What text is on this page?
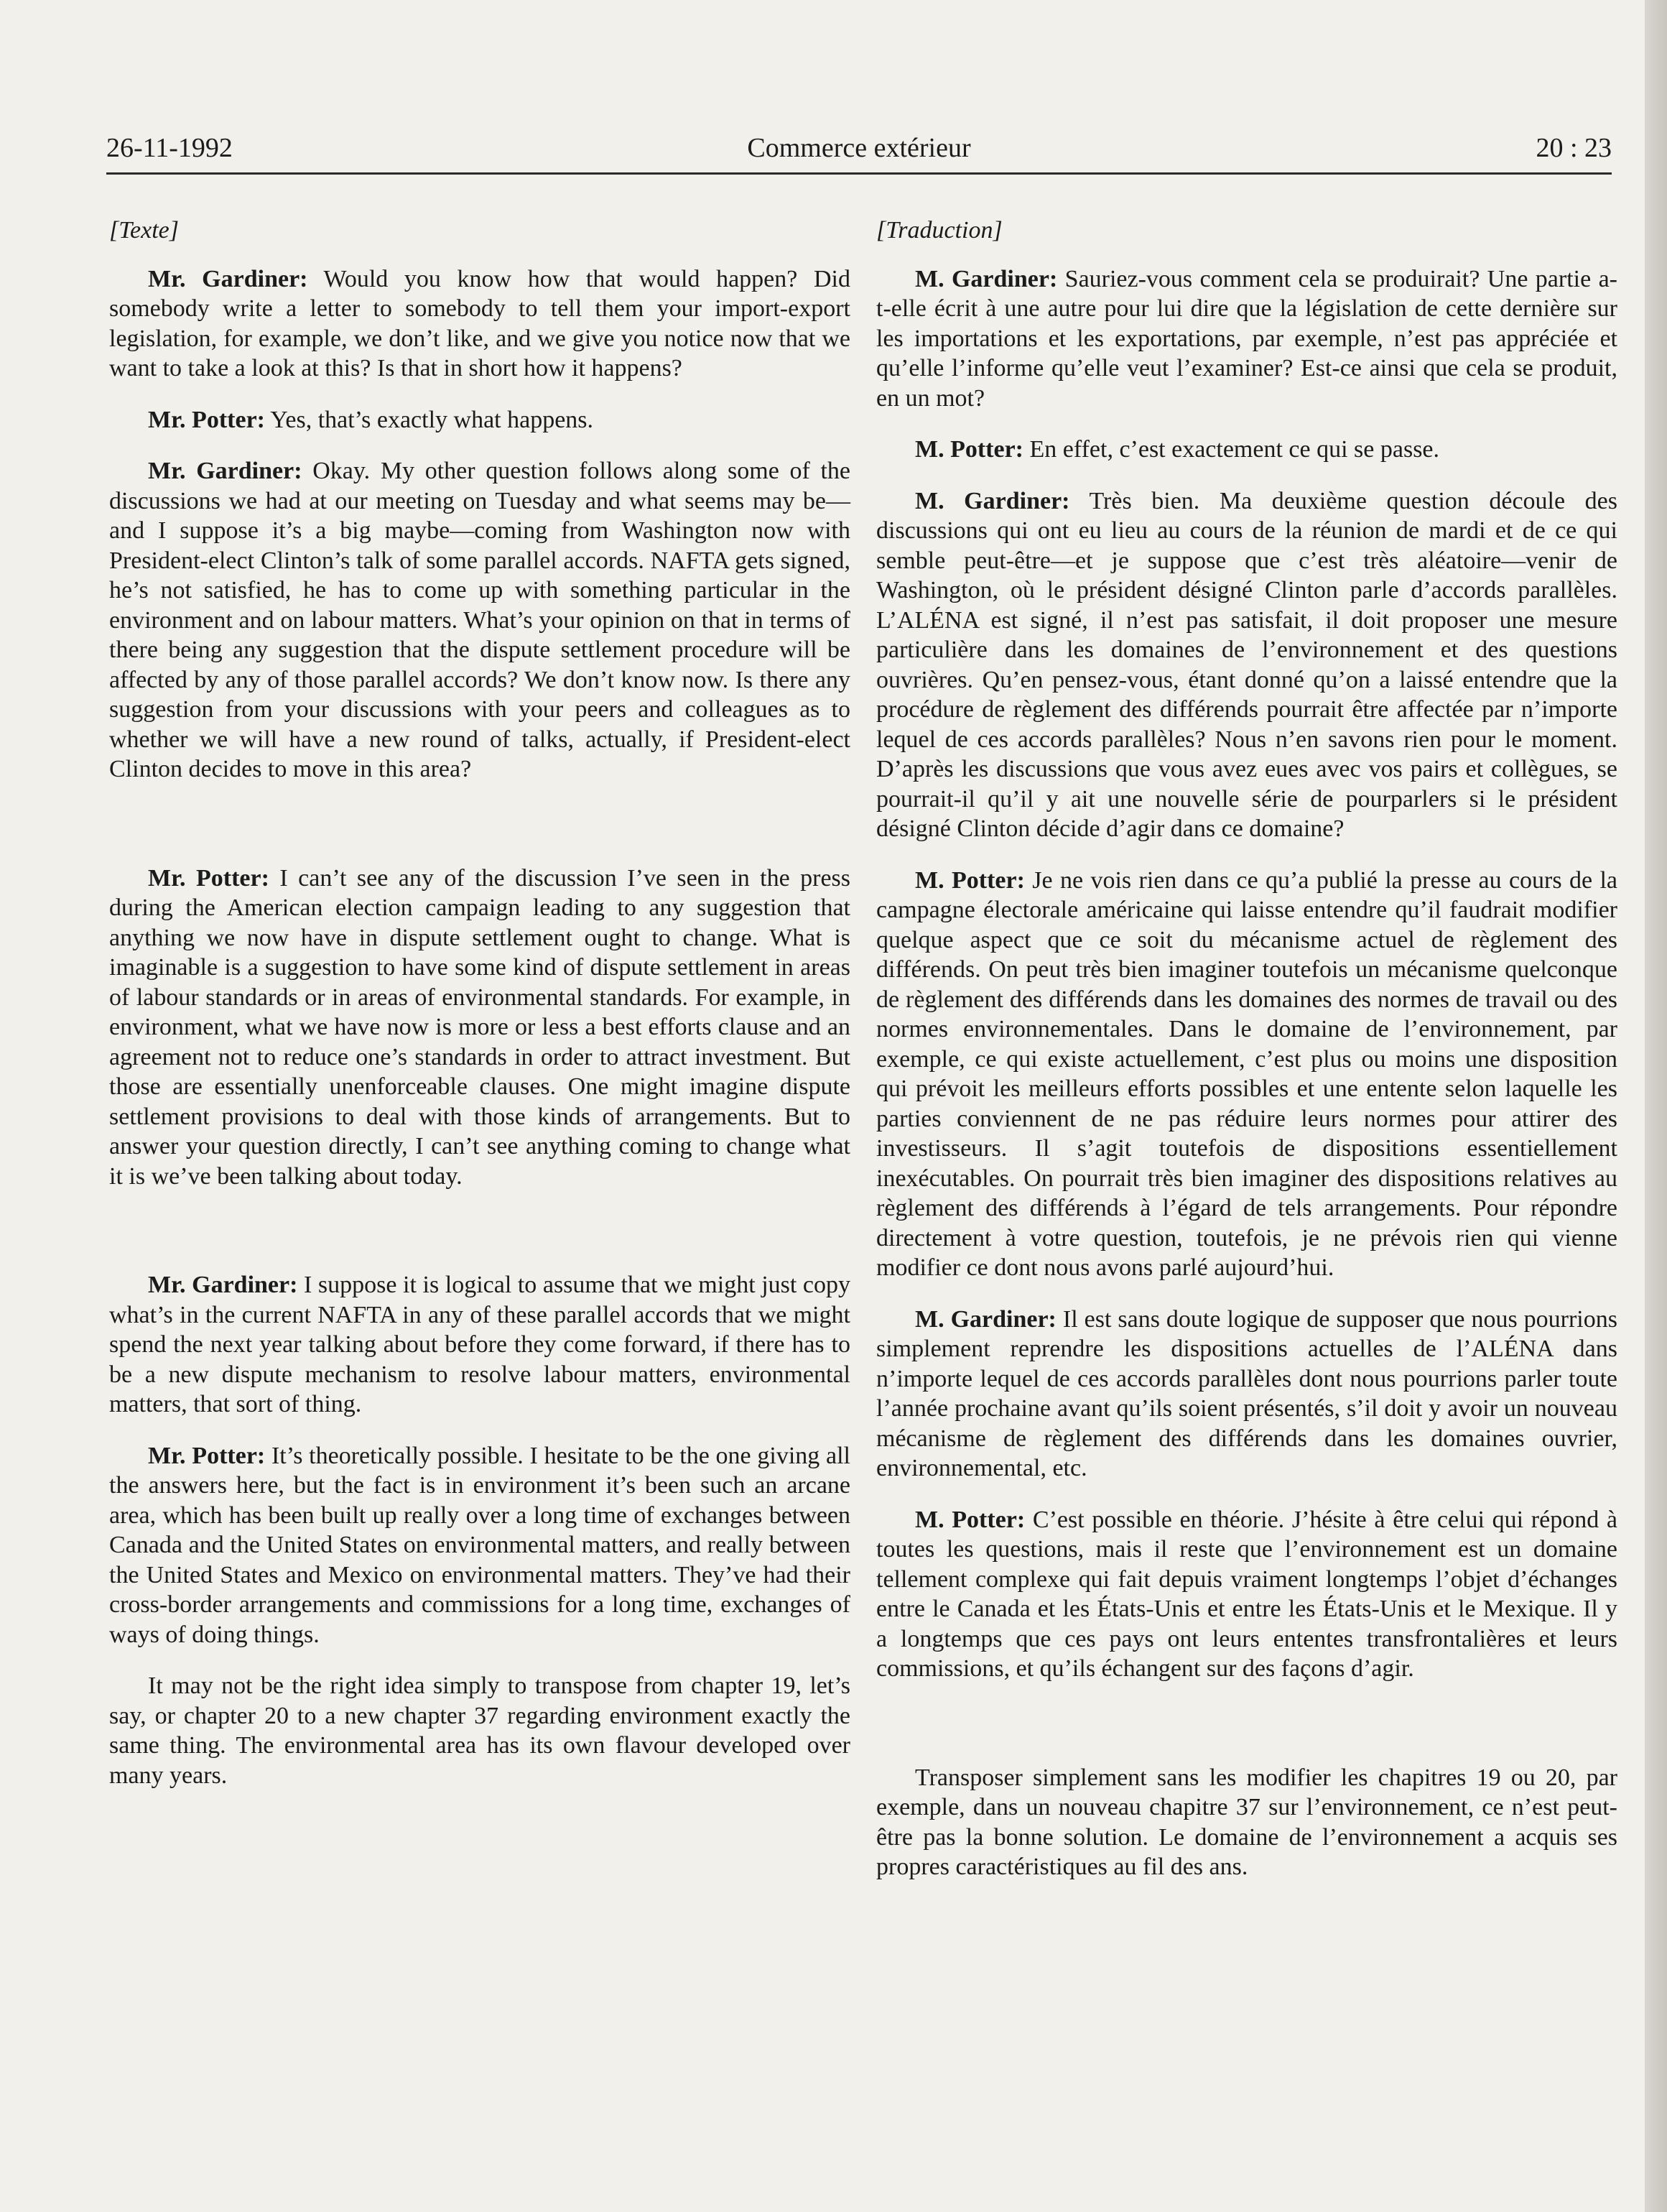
26-11-1992	Commerce extérieur	20 : 23

[Texte]

Mr. Gardiner: Would you know how that would happen? Did somebody write a letter to somebody to tell them your import-export legislation, for example, we don’t like, and we give you notice now that we want to take a look at this? Is that in short how it happens?

Mr. Potter: Yes, that’s exactly what happens.

Mr. Gardiner: Okay. My other question follows along some of the discussions we had at our meeting on Tuesday and what seems may be—and I suppose it’s a big maybe—coming from Washington now with President-elect Clinton’s talk of some parallel accords. NAFTA gets signed, he’s not satisfied, he has to come up with something particular in the environment and on labour matters. What’s your opinion on that in terms of there being any suggestion that the dispute settlement procedure will be affected by any of those parallel accords? We don’t know now. Is there any suggestion from your discussions with your peers and colleagues as to whether we will have a new round of talks, actually, if President-elect Clinton decides to move in this area?

Mr. Potter: I can’t see any of the discussion I’ve seen in the press during the American election campaign leading to any suggestion that anything we now have in dispute settlement ought to change. What is imaginable is a suggestion to have some kind of dispute settlement in areas of labour standards or in areas of environmental standards. For example, in environment, what we have now is more or less a best efforts clause and an agreement not to reduce one’s standards in order to attract investment. But those are essentially unenforceable clauses. One might imagine dispute settlement provisions to deal with those kinds of arrangements. But to answer your question directly, I can’t see anything coming to change what it is we’ve been talking about today.

Mr. Gardiner: I suppose it is logical to assume that we might just copy what’s in the current NAFTA in any of these parallel accords that we might spend the next year talking about before they come forward, if there has to be a new dispute mechanism to resolve labour matters, environmental matters, that sort of thing.

Mr. Potter: It’s theoretically possible. I hesitate to be the one giving all the answers here, but the fact is in environment it’s been such an arcane area, which has been built up really over a long time of exchanges between Canada and the United States on environmental matters, and really between the United States and Mexico on environmental matters. They’ve had their cross-border arrangements and commissions for a long time, exchanges of ways of doing things.

It may not be the right idea simply to transpose from chapter 19, let’s say, or chapter 20 to a new chapter 37 regarding environment exactly the same thing. The environmental area has its own flavour developed over many years.

[Traduction]

M. Gardiner: Sauriez-vous comment cela se produirait? Une partie a-t-elle écrit à une autre pour lui dire que la législation de cette dernière sur les importations et les exportations, par exemple, n’est pas appréciée et qu’elle l’informe qu’elle veut l’examiner? Est-ce ainsi que cela se produit, en un mot?

M. Potter: En effet, c’est exactement ce qui se passe.

M. Gardiner: Très bien. Ma deuxième question découle des discussions qui ont eu lieu au cours de la réunion de mardi et de ce qui semble peut-être—et je suppose que c’est très aléatoire—venir de Washington, où le président désigné Clinton parle d’accords parallèles. L’ALÉNA est signé, il n’est pas satisfait, il doit proposer une mesure particulière dans les domaines de l’environnement et des questions ouvrières. Qu’en pensez-vous, étant donné qu’on a laissé entendre que la procédure de règlement des différends pourrait être affectée par n’importe lequel de ces accords parallèles? Nous n’en savons rien pour le moment. D’après les discussions que vous avez eues avec vos pairs et collègues, se pourrait-il qu’il y ait une nouvelle série de pourparlers si le président désigné Clinton décide d’agir dans ce domaine?

M. Potter: Je ne vois rien dans ce qu’a publié la presse au cours de la campagne électorale américaine qui laisse entendre qu’il faudrait modifier quelque aspect que ce soit du mécanisme actuel de règlement des différends. On peut très bien imaginer toutefois un mécanisme quelconque de règlement des différends dans les domaines des normes de travail ou des normes environnementales. Dans le domaine de l’environnement, par exemple, ce qui existe actuellement, c’est plus ou moins une disposition qui prévoit les meilleurs efforts possibles et une entente selon laquelle les parties conviennent de ne pas réduire leurs normes pour attirer des investisseurs. Il s’agit toutefois de dispositions essentiellement inexécutables. On pourrait très bien imaginer des dispositions relatives au règlement des différends à l’égard de tels arrangements. Pour répondre directement à votre question, toutefois, je ne prévois rien qui vienne modifier ce dont nous avons parlé aujourd’hui.

M. Gardiner: Il est sans doute logique de supposer que nous pourrions simplement reprendre les dispositions actuelles de l’ALÉNA dans n’importe lequel de ces accords parallèles dont nous pourrions parler toute l’année prochaine avant qu’ils soient présentés, s’il doit y avoir un nouveau mécanisme de règlement des différends dans les domaines ouvrier, environnemental, etc.

M. Potter: C’est possible en théorie. J’hésite à être celui qui répond à toutes les questions, mais il reste que l’environnement est un domaine tellement complexe qui fait depuis vraiment longtemps l’objet d’échanges entre le Canada et les États-Unis et entre les États-Unis et le Mexique. Il y a longtemps que ces pays ont leurs ententes transfrontalières et leurs commissions, et qu’ils échangent sur des façons d’agir.

Transposer simplement sans les modifier les chapitres 19 ou 20, par exemple, dans un nouveau chapitre 37 sur l’environnement, ce n’est peut-être pas la bonne solution. Le domaine de l’environnement a acquis ses propres caractéristiques au fil des ans.
